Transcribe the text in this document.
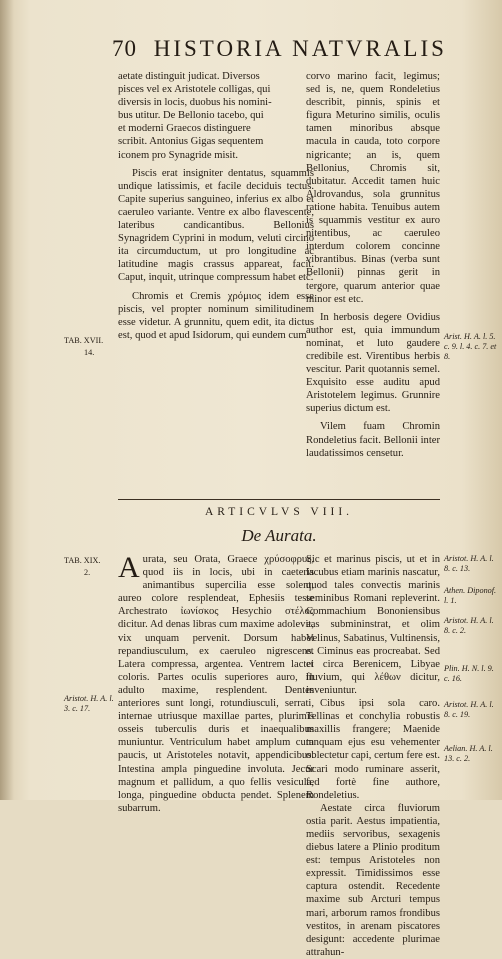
70 HISTORIA NATVRALIS

aetate distinguit judicat. Diversos

pisces vel ex Aristotele colligas, qui

diversis in locis, duobus his nomini-

bus utitur. De Bellonio tacebo, qui

et moderni Graecos distinguere

scribit. Antonius Gigas sequentem

iconem pro Synagride misit.

Piscis erat insigniter dentatus, squammis undique latissimis, et facile deciduis tectus. Capite superius sanguineo, inferius ex albo et caeruleo variante. Ventre ex albo flavescente, lateribus candicantibus. Bellonius Synagridem Cyprini in modum, veluti circino ita circumductum, ut pro longitudine ac latitudine magis crassus appareat, facit. Caput, inquit, utrinque compressum habet etc.

Chromis et Cremis χρόμιος idem esse piscis, vel propter nominum similitudinem esse videtur. A grunnitu, quem edit, ita dictus est, quod et apud Isidorum, qui eundem cum

corvo marino facit, legimus; sed is, ne, quem Rondeletius describit, pinnis, spinis et figura Meturino similis, oculis tamen minoribus absque macula in cauda, toto corpore nigricante; an is, quem Bellonius, Chromis sit, dubitatur. Accedit tamen huic Aldrovandus, sola grunnitus ratione habita. Tenuibus autem is squammis vestitur ex auro nitentibus, ac caeruleo interdum colorem concinne vibrantibus. Binas (verba sunt Bellonii) pinnas gerit in tergore, quarum anterior quae minor est etc.

In herbosis degere Ovidius author est, quia immundum nominat, et luto gaudere credibile est. Virentibus herbis vescitur. Parit quotannis semel. Exquisito esse auditu apud Aristotelem legimus. Grunnire superius dictum est.

Vilem fuam Chromin Rondeletius facit. Bellonii inter laudatissimos censetur.

TAB. XVII.
14.
Arist. H. A. l. 5. c. 9. l. 4. c. 7. et 8.
ARTICVLVS VIII.
De Aurata.

Aurata, seu Orata, Graece χρύσοφρυς, quod iis in locis, ubi in caeteris animantibus supercilia esse solent, aureo colore resplendeat, Ephesiis teste Archestrato ἰωνίσκος Hesychio στέλος dicitur. Ad denas libras cum maxime adolevit, vix unquam pervenit. Dorsum habet repandiusculum, ex caeruleo nigrescens. Latera compressa, argentea. Ventrem lactei coloris. Partes oculis superiores auro, in adulto maxime, resplendent. Dentes anteriores sunt longi, rotundiusculi, serrati, internae utriusque maxillae partes, plurimis osseis tuberculis duris et inaequalibus muniuntur. Ventriculum habet amplum cum paucis, ut Aristoteles notavit, appendicibus. Intestina ampla pinguedine involuta. Jecur magnum et pallidum, a quo fellis vesicula, longa, pinguedine obducta pendet. Splenem subarrum.

Sic et marinus piscis, ut et in lacubus etiam marinis nascatur, quod tales convectis marinis seminibus Romani repleverint. Commachium Bononiensibus eas submininstrat, et olim Velinus, Sabatinus, Vultinensis, et Ciminus eas procreabat. Sed et circa Berenicem, Libyae fluvium, qui λέθων dicitur, inveniuntur.

Cibus ipsi sola caro. Tellinas et conchylia robustis maxillis frangere; Maenide tanquam ejus esu vehementer oblectetur capi, certum fere est. Scari modo ruminare asserit, fed fortè fine authore, Rondeletius.

Aestate circa fluviorum ostia parit. Aestus impatientia, mediis servoribus, sexagenis diebus latere a Plinio proditum est: tempus Aristoteles non expressit. Timidissimos esse captura ostendit. Recedente maxime sub Arcturi tempus mari, arborum ramos frondibus vestitos, in arenam piscatores desigunt: accedente plurimae attrahun-

TAB. XIX.
2.
Aristot. H. A. l. 3. c. 17.
Aristot. H. A. l. 8. c. 13.
Athen. Diponof. l. 1.
Aristot. H. A. l. 8. c. 2.
Plin. H. N. l. 9. c. 16.
Aristot. H. A. l. 8. c. 19.
Aelian. H. A. l. 13. c. 2.
